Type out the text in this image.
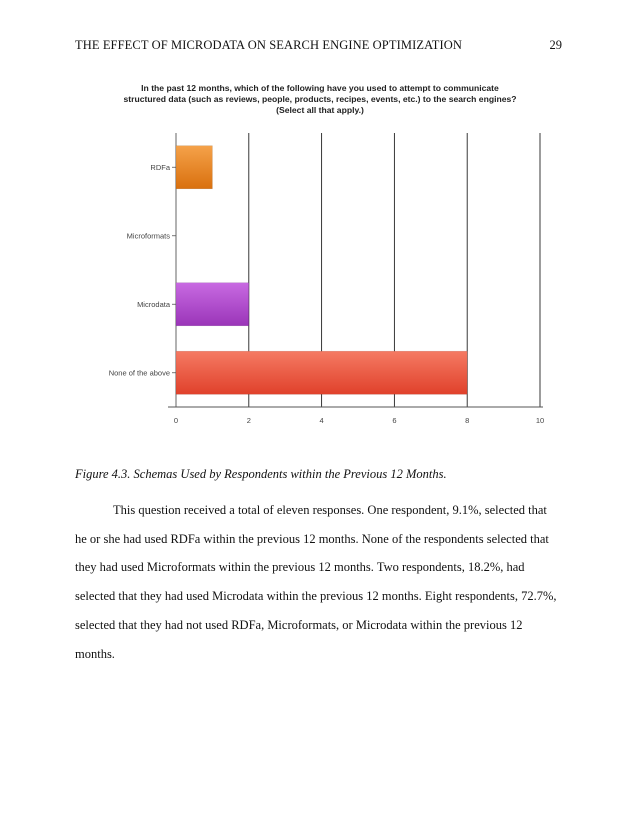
THE EFFECT OF MICRODATA ON SEARCH ENGINE OPTIMIZATION	29
In the past 12 months, which of the following have you used to attempt to communicate
structured data (such as reviews, people, products, recipes, events, etc.) to the search engines?
(Select all that apply.)
0	2	4	6	8	10
RDFa
Microformats
Microdata
None of the above
Figure 4.3. Schemas Used by Respondents within the Previous 12 Months.

This question received a total of eleven responses. One respondent, 9.1%, selected that
he or she had used RDFa within the previous 12 months. None of the respondents selected that
they had used Microformats within the previous 12 months. Two respondents, 18.2%, had
selected that they had used Microdata within the previous 12 months. Eight respondents, 72.7%,
selected that they had not used RDFa, Microformats, or Microdata within the previous 12
months.
